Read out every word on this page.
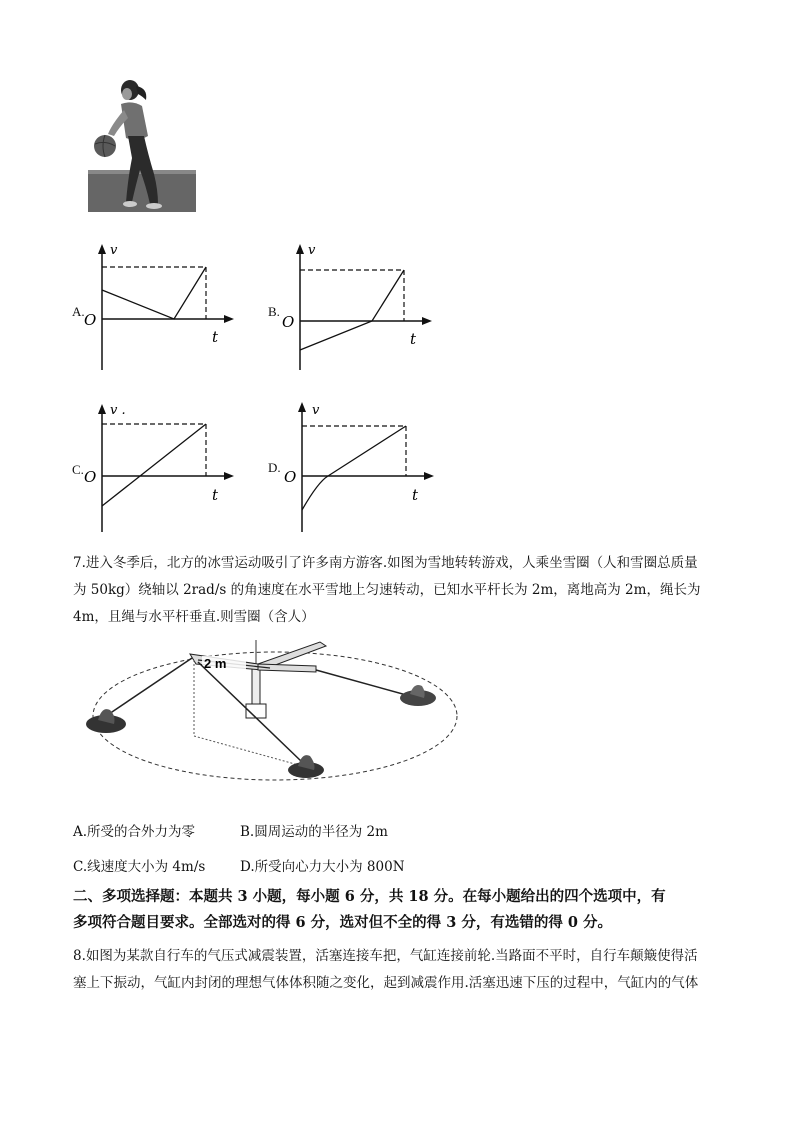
A.
v
O
t
B.
v
O
t
C.
v .
O
t
D.
v
O
t
7.进入冬季后，北方的冰雪运动吸引了许多南方游客.如图为雪地转转游戏，人乘坐雪圈（人和雪圈总质量
为 50kg）绕轴以 2rad/s 的角速度在水平雪地上匀速转动，已知水平杆长为 2m，离地高为 2m，绳长为
4m，且绳与水平杆垂直.则雪圈（含人）
2 m
A.所受的合外力为零	B.圆周运动的半径为 2m
C.线速度大小为 4m/s	D.所受向心力大小为 800N
二、多项选择题：本题共 3 小题，每小题 6 分，共 18 分。在每小题给出的四个选项中，有
多项符合题目要求。全部选对的得 6 分，选对但不全的得 3 分，有选错的得 0 分。
8.如图为某款自行车的气压式减震装置，活塞连接车把，气缸连接前轮.当路面不平时，自行车颠簸使得活
塞上下振动，气缸内封闭的理想气体体积随之变化，起到减震作用.活塞迅速下压的过程中，气缸内的气体
